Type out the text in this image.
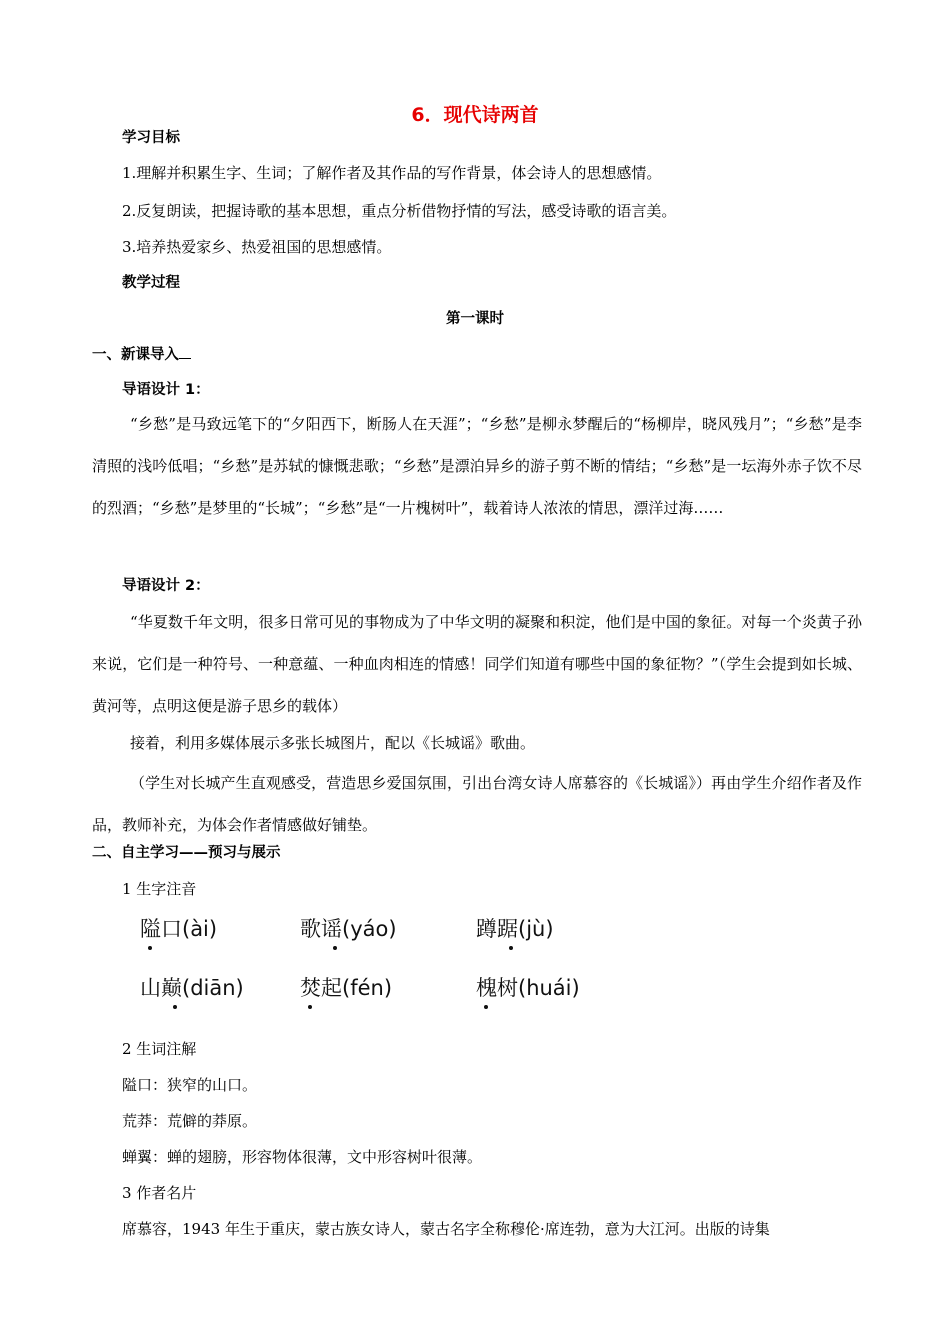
6．现代诗两首
学习目标
1.理解并积累生字、生词；了解作者及其作品的写作背景，体会诗人的思想感情。
2.反复朗读，把握诗歌的基本思想，重点分析借物抒情的写法，感受诗歌的语言美。
3.培养热爱家乡、热爱祖国的思想感情。
教学过程
第一课时
一、新课导入
导语设计 1：
“乡愁”是马致远笔下的“夕阳西下，断肠人在天涯”；“乡愁”是柳永梦醒后的“杨柳岸，晓风残月”；“乡愁”是李清照的浅吟低唱；“乡愁”是苏轼的慷慨悲歌；“乡愁”是漂泊异乡的游子剪不断的情结；“乡愁”是一坛海外赤子饮不尽的烈酒；“乡愁”是梦里的“长城”；“乡愁”是“一片槐树叶”，载着诗人浓浓的情思，漂洋过海……
导语设计 2：
“华夏数千年文明，很多日常可见的事物成为了中华文明的凝聚和积淀，他们是中国的象征。对每一个炎黄子孙来说，它们是一种符号、一种意蕴、一种血肉相连的情感！同学们知道有哪些中国的象征物？”（学生会提到如长城、黄河等，点明这便是游子思乡的载体）
接着，利用多媒体展示多张长城图片，配以《长城谣》歌曲。
（学生对长城产生直观感受，营造思乡爱国氛围，引出台湾女诗人席慕容的《长城谣》）再由学生介绍作者及作品，教师补充，为体会作者情感做好铺垫。
二、自主学习——预习与展示
1 生字注音
隘口(ài)	歌谣(yáo)	蹲踞(jù)
山巅(diān)	焚起(fén)	槐树(huái)
2 生词注解
隘口：狭窄的山口。
荒莽：荒僻的莽原。
蝉翼：蝉的翅膀，形容物体很薄，文中形容树叶很薄。
3 作者名片
席慕容，1943 年生于重庆，蒙古族女诗人，蒙古名字全称穆伦·席连勃，意为大江河。出版的诗集
